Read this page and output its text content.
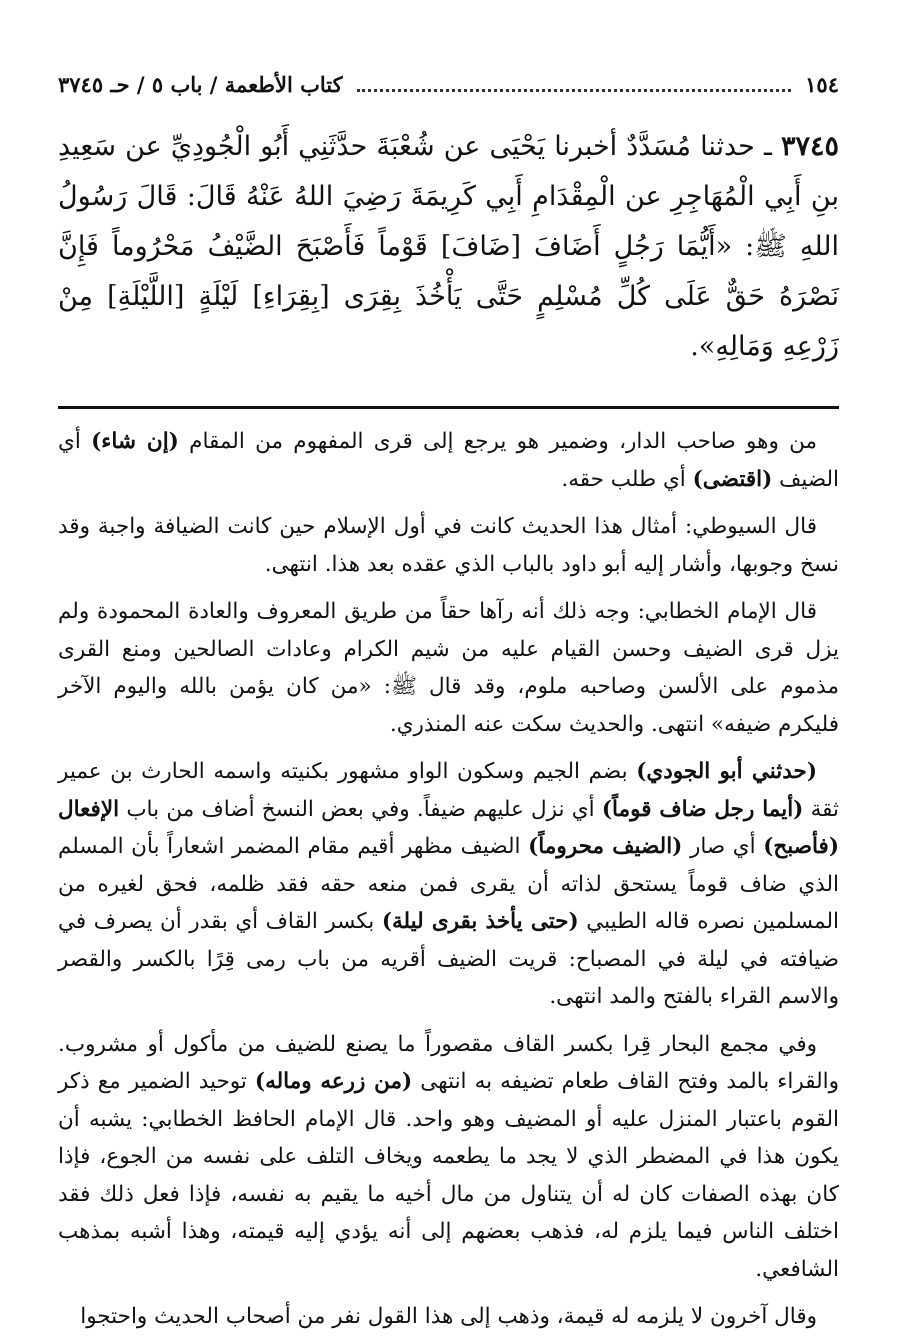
١٥٤
كتاب الأطعمة / باب ٥ / حـ ٣٧٤٥
٣٧٤٥ ـ حدثنا مُسَدَّدٌ أخبرنا يَحْيَى عن شُعْبَةَ حدَّثَنِي أَبُو الْجُودِيِّ عن سَعِيدِ بنِ أَبِي الْمُهَاجِرِ عن الْمِقْدَامِ أَبِي كَرِيمَةَ رَضِيَ اللهُ عَنْهُ قَالَ: قَالَ رَسُولُ اللهِ ﷺ: «أَيُّمَا رَجُلٍ أَضَافَ [ضَافَ] قَوْماً فَأَصْبَحَ الضَّيْفُ مَحْرُوماً فَإِنَّ نَصْرَهُ حَقٌّ عَلَى كُلِّ مُسْلِمٍ حَتَّى يَأْخُذَ بِقِرَى [بِقِرَاءِ] لَيْلَةٍ [اللَّيْلَةِ] مِنْ زَرْعِهِ وَمَالِهِ».

من وهو صاحب الدار، وضمير هو يرجع إلى قرى المفهوم من المقام (إن شاء) أي الضيف (اقتضى) أي طلب حقه.

قال السيوطي: أمثال هذا الحديث كانت في أول الإسلام حين كانت الضيافة واجبة وقد نسخ وجوبها، وأشار إليه أبو داود بالباب الذي عقده بعد هذا. انتهى.

قال الإمام الخطابي: وجه ذلك أنه رآها حقاً من طريق المعروف والعادة المحمودة ولم يزل قرى الضيف وحسن القيام عليه من شيم الكرام وعادات الصالحين ومنع القرى مذموم على الألسن وصاحبه ملوم، وقد قال ﷺ: «من كان يؤمن بالله واليوم الآخر فليكرم ضيفه» انتهى. والحديث سكت عنه المنذري.

(حدثني أبو الجودي) بضم الجيم وسكون الواو مشهور بكنيته واسمه الحارث بن عمير ثقة (أيما رجل ضاف قوماً) أي نزل عليهم ضيفاً. وفي بعض النسخ أضاف من باب الإفعال (فأصبح) أي صار (الضيف محروماً) الضيف مظهر أقيم مقام المضمر اشعاراً بأن المسلم الذي ضاف قوماً يستحق لذاته أن يقرى فمن منعه حقه فقد ظلمه، فحق لغيره من المسلمين نصره قاله الطيبي (حتى يأخذ بقرى ليلة) بكسر القاف أي بقدر أن يصرف في ضيافته في ليلة في المصباح: قريت الضيف أقريه من باب رمى قِرًا بالكسر والقصر والاسم القراء بالفتح والمد انتهى.

وفي مجمع البحار قِرا بكسر القاف مقصوراً ما يصنع للضيف من مأكول أو مشروب. والقراء بالمد وفتح القاف طعام تضيفه به انتهى (من زرعه وماله) توحيد الضمير مع ذكر القوم باعتبار المنزل عليه أو المضيف وهو واحد. قال الإمام الحافظ الخطابي: يشبه أن يكون هذا في المضطر الذي لا يجد ما يطعمه ويخاف التلف على نفسه من الجوع، فإذا كان بهذه الصفات كان له أن يتناول من مال أخيه ما يقيم به نفسه، فإذا فعل ذلك فقد اختلف الناس فيما يلزم له، فذهب بعضهم إلى أنه يؤدي إليه قيمته، وهذا أشبه بمذهب الشافعي.

وقال آخرون لا يلزمه له قيمة، وذهب إلى هذا القول نفر من أصحاب الحديث واحتجوا
